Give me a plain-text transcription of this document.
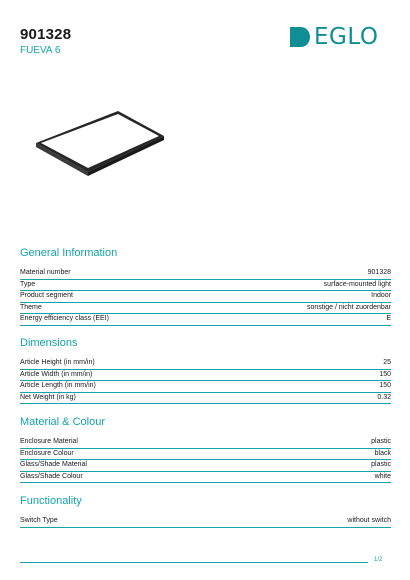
901328
FUEVA 6
EGLO
General Information
Material number	901328
Type	surface-mounted light
Product segment	Indoor
Theme	sonstige / nicht zuordenbar
Energy efficiency class (EEI)	E
Dimensions
Article Height (in mm/in)	25
Article Width (in mm/in)	150
Article Length (in mm/in)	150
Net Weight (in kg)	0.32
Material & Colour
Enclosure Material	plastic
Enclosure Colour	black
Glass/Shade Material	plastic
Glass/Shade Colour	white
Functionality
Switch Type	without switch
1/2
